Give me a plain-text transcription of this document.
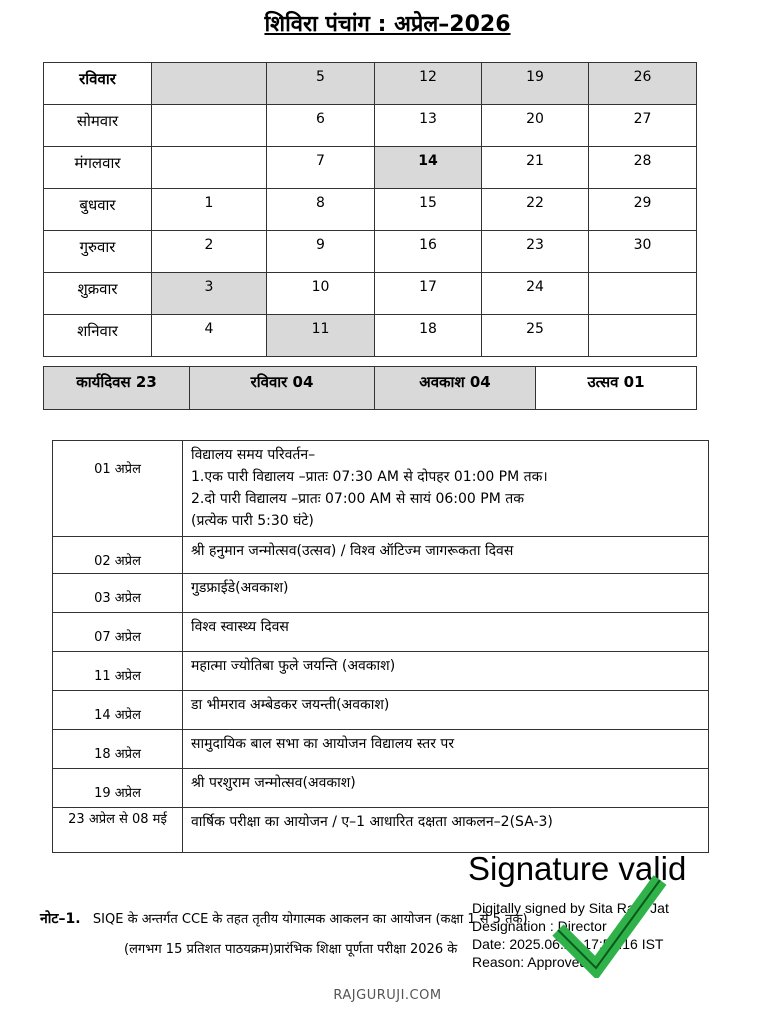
शिविरा पंचांग : अप्रेल–2026
रविवार		5	12	19	26
सोमवार		6	13	20	27
मंगलवार		7	14	21	28
बुधवार	1	8	15	22	29
गुरुवार	2	9	16	23	30
शुक्रवार	3	10	17	24	
शनिवार	4	11	18	25	
कार्यदिवस 23	रविवार 04	अवकाश 04	उत्सव 01
01 अप्रेल	विद्यालय समय परिवर्तन–
1.एक पारी विद्यालय –प्रातः 07:30 AM से दोपहर 01:00 PM तक।
2.दो पारी विद्यालय –प्रातः 07:00 AM से सायं 06:00 PM तक
(प्रत्येक पारी 5:30 घंटे)

02 अप्रेल	श्री हनुमान जन्मोत्सव(उत्सव) / विश्व ऑटिज्म जागरूकता दिवस

03 अप्रेल	गुडफ्राईडे(अवकाश)

07 अप्रेल	विश्व स्वास्थ्य दिवस

11 अप्रेल	महात्मा ज्योतिबा फुले जयन्ति (अवकाश)

14 अप्रेल	डा भीमराव अम्बेडकर जयन्ती(अवकाश)

18 अप्रेल	सामुदायिक बाल सभा का आयोजन विद्यालय स्तर पर

19 अप्रेल	श्री परशुराम जन्मोत्सव(अवकाश)

23 अप्रेल से 08 मई	वार्षिक परीक्षा का आयोजन / ए–1 आधारित दक्षता आकलन–2(SA-3)
Signature valid
Digitally signed by Sita Ram Jat
Designation : Director
Date: 2025.06.28 17:58:16 IST
Reason: Approved
नोट–1. SIQE के अन्तर्गत CCE के तहत तृतीय योगात्मक आकलन का आयोजन (कक्षा 1 से 5 तक)
(लगभग 15 प्रतिशत पाठयक्रम)प्रारंभिक शिक्षा पूर्णता परीक्षा 2026 के
RAJGURUJI.COM
